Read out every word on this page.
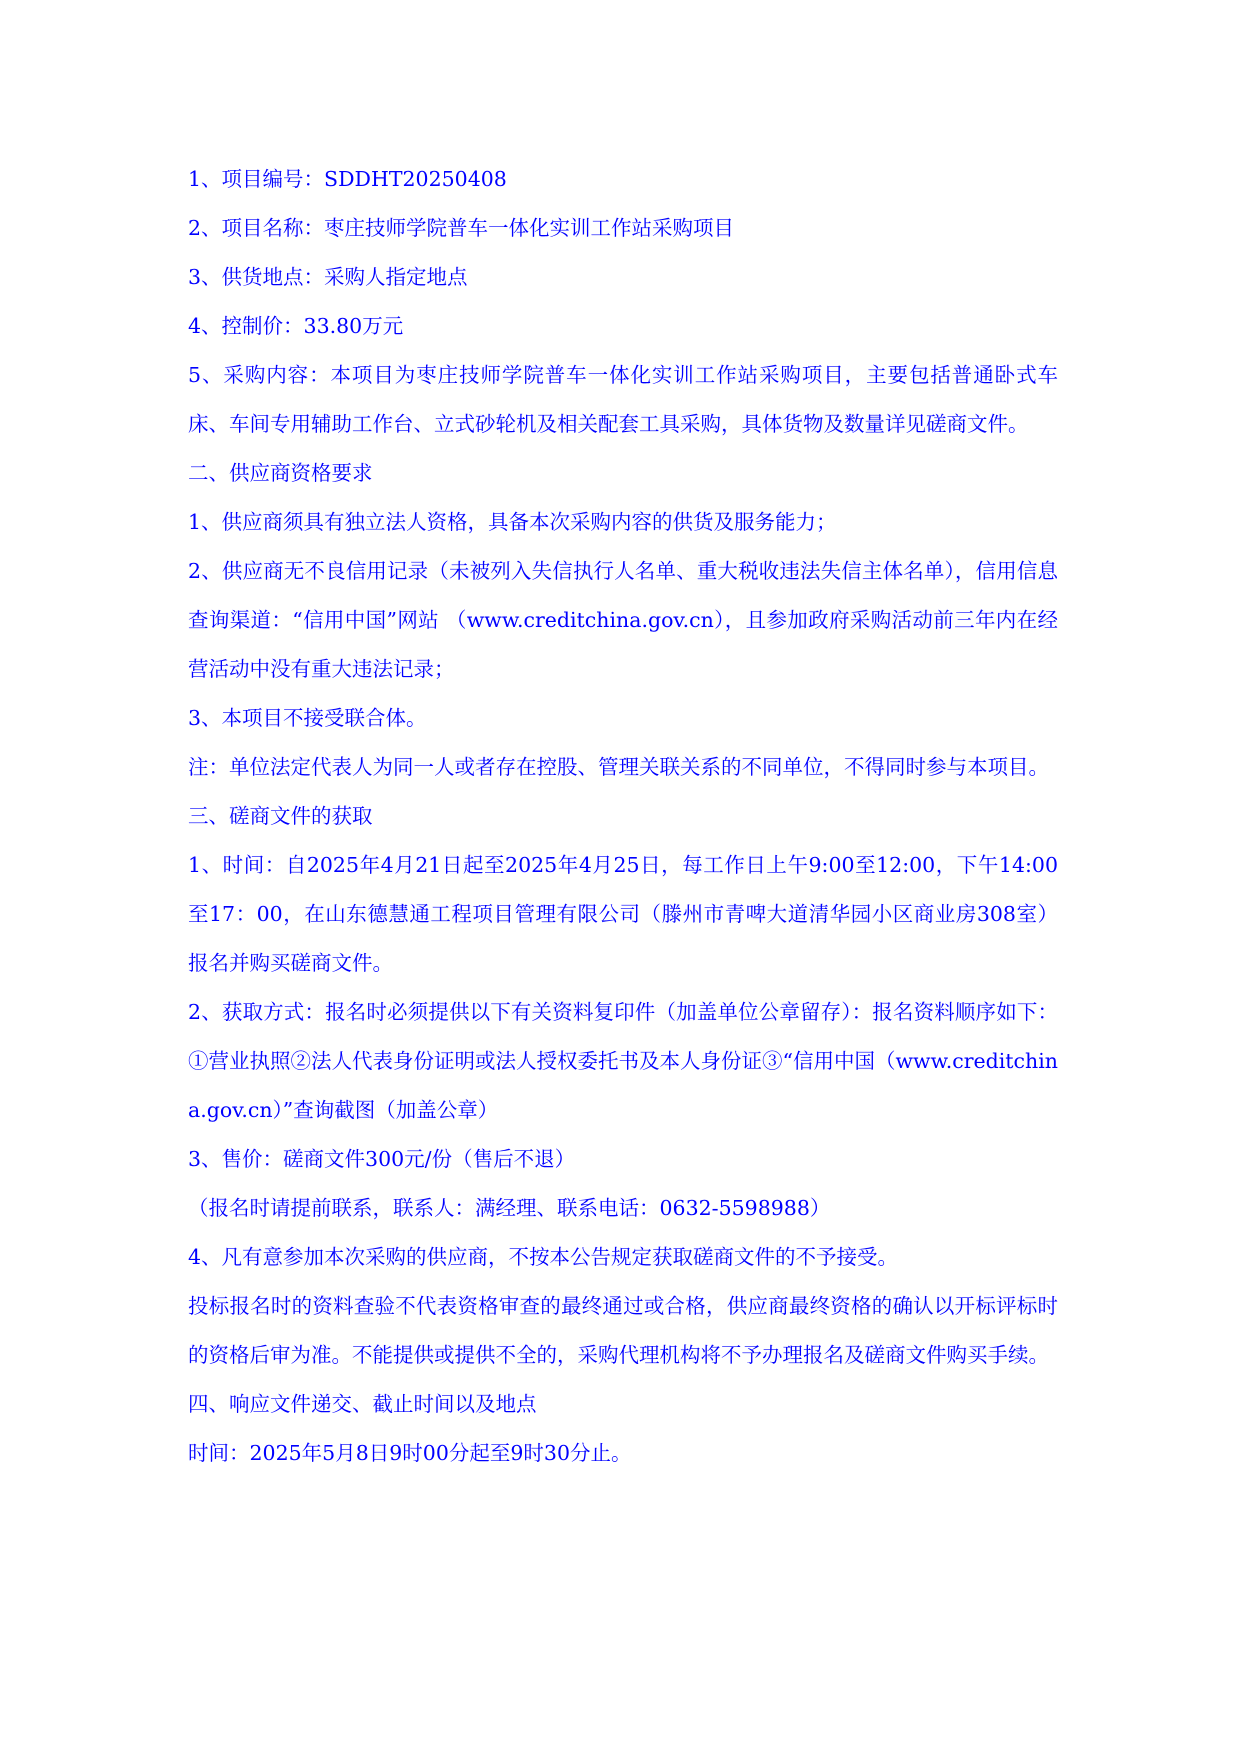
1、项目编号：SDDHT20250408

2、项目名称：枣庄技师学院普车一体化实训工作站采购项目

3、供货地点：采购人指定地点

4、控制价：33.80万元

5、采购内容：本项目为枣庄技师学院普车一体化实训工作站采购项目，主要包括普通卧式车床、车间专用辅助工作台、立式砂轮机及相关配套工具采购，具体货物及数量详见磋商文件。

二、供应商资格要求

1、供应商须具有独立法人资格，具备本次采购内容的供货及服务能力；

2、供应商无不良信用记录（未被列入失信执行人名单、重大税收违法失信主体名单），信用信息查询渠道：“信用中国”网站 （www.creditchina.gov.cn），且参加政府采购活动前三年内在经营活动中没有重大违法记录；

3、本项目不接受联合体。

注：单位法定代表人为同一人或者存在控股、管理关联关系的不同单位，不得同时参与本项目。

三、磋商文件的获取

1、时间：自2025年4月21日起至2025年4月25日，每工作日上午9:00至12:00，下午14:00至17：00，在山东德慧通工程项目管理有限公司（滕州市青啤大道清华园小区商业房308室）报名并购买磋商文件。

2、获取方式：报名时必须提供以下有关资料复印件（加盖单位公章留存）：报名资料顺序如下：①营业执照②法人代表身份证明或法人授权委托书及本人身份证③“信用中国（www.creditchina.gov.cn）”查询截图（加盖公章）

3、售价：磋商文件300元/份（售后不退）

（报名时请提前联系，联系人：满经理、联系电话：0632-5598988）

4、凡有意参加本次采购的供应商，不按本公告规定获取磋商文件的不予接受。

投标报名时的资料查验不代表资格审查的最终通过或合格，供应商最终资格的确认以开标评标时的资格后审为准。不能提供或提供不全的，采购代理机构将不予办理报名及磋商文件购买手续。

四、响应文件递交、截止时间以及地点

时间：2025年5月8日9时00分起至9时30分止。
